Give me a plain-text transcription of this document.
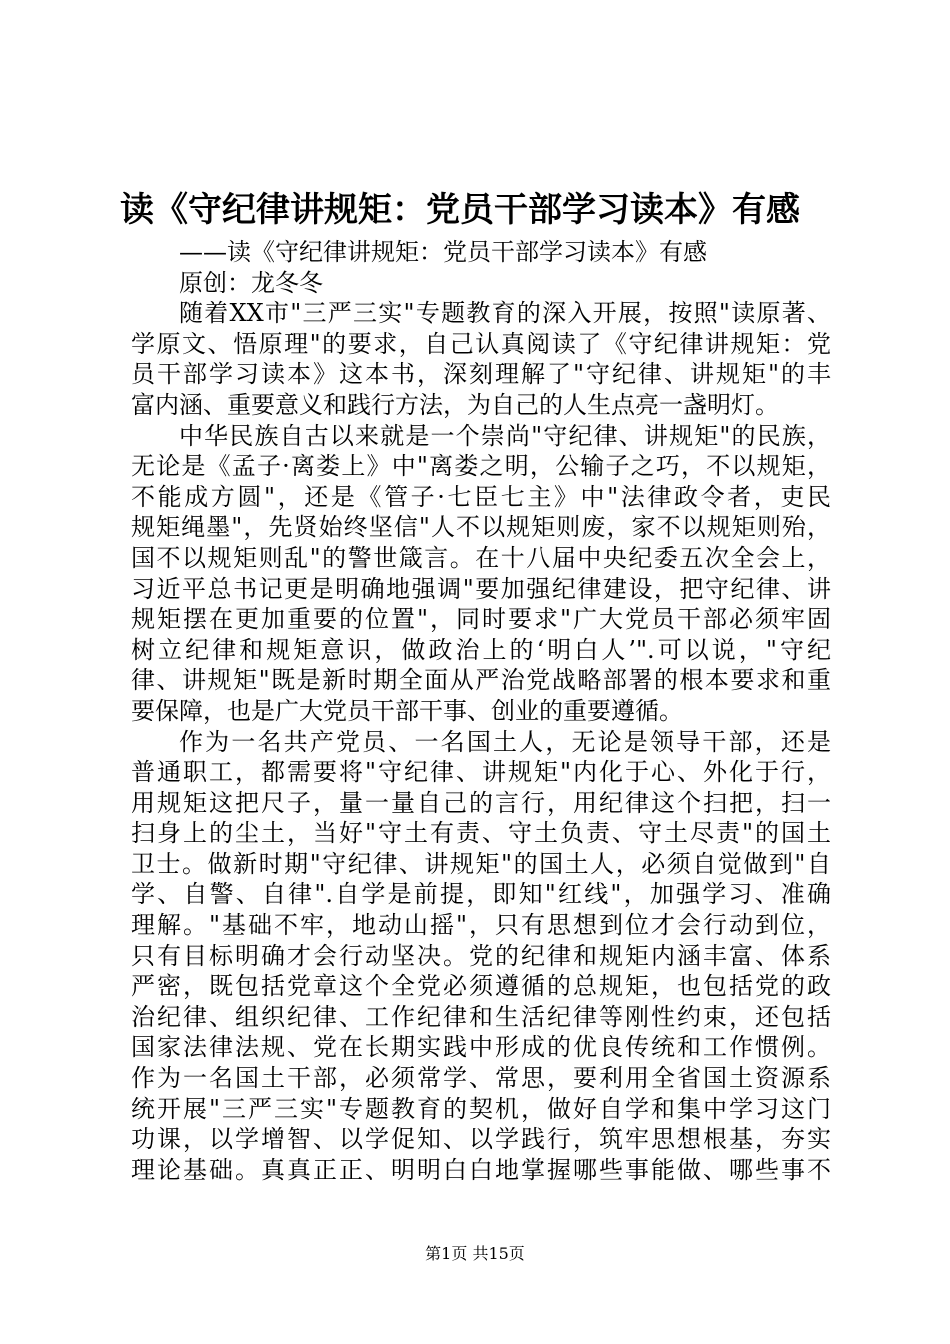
读《守纪律讲规矩：党员干部学习读本》有感
——读《守纪律讲规矩：党员干部学习读本》有感
原创：龙冬冬
随着XX市"三严三实"专题教育的深入开展，按照"读原著、
学原文、悟原理"的要求，自己认真阅读了《守纪律讲规矩：党
员干部学习读本》这本书，深刻理解了"守纪律、讲规矩"的丰
富内涵、重要意义和践行方法，为自己的人生点亮一盏明灯。
中华民族自古以来就是一个崇尚"守纪律、讲规矩"的民族，
无论是《孟子·离娄上》中"离娄之明，公输子之巧，不以规矩，
不能成方圆"，还是《管子·七臣七主》中"法律政令者，吏民
规矩绳墨"，先贤始终坚信"人不以规矩则废，家不以规矩则殆，
国不以规矩则乱"的警世箴言。在十八届中央纪委五次全会上，
习近平总书记更是明确地强调"要加强纪律建设，把守纪律、讲
规矩摆在更加重要的位置"，同时要求"广大党员干部必须牢固
树立纪律和规矩意识，做政治上的‘明白人’".可以说，"守纪
律、讲规矩"既是新时期全面从严治党战略部署的根本要求和重
要保障，也是广大党员干部干事、创业的重要遵循。
作为一名共产党员、一名国土人，无论是领导干部，还是
普通职工，都需要将"守纪律、讲规矩"内化于心、外化于行，
用规矩这把尺子，量一量自己的言行，用纪律这个扫把，扫一
扫身上的尘土，当好"守土有责、守土负责、守土尽责"的国土
卫士。做新时期"守纪律、讲规矩"的国土人，必须自觉做到"自
学、自警、自律".自学是前提，即知"红线"，加强学习、准确
理解。"基础不牢，地动山摇"，只有思想到位才会行动到位，
只有目标明确才会行动坚决。党的纪律和规矩内涵丰富、体系
严密，既包括党章这个全党必须遵循的总规矩，也包括党的政
治纪律、组织纪律、工作纪律和生活纪律等刚性约束，还包括
国家法律法规、党在长期实践中形成的优良传统和工作惯例。
作为一名国土干部，必须常学、常思，要利用全省国土资源系
统开展"三严三实"专题教育的契机，做好自学和集中学习这门
功课，以学增智、以学促知、以学践行，筑牢思想根基，夯实
理论基础。真真正正、明明白白地掌握哪些事能做、哪些事不
第1页 共15页
